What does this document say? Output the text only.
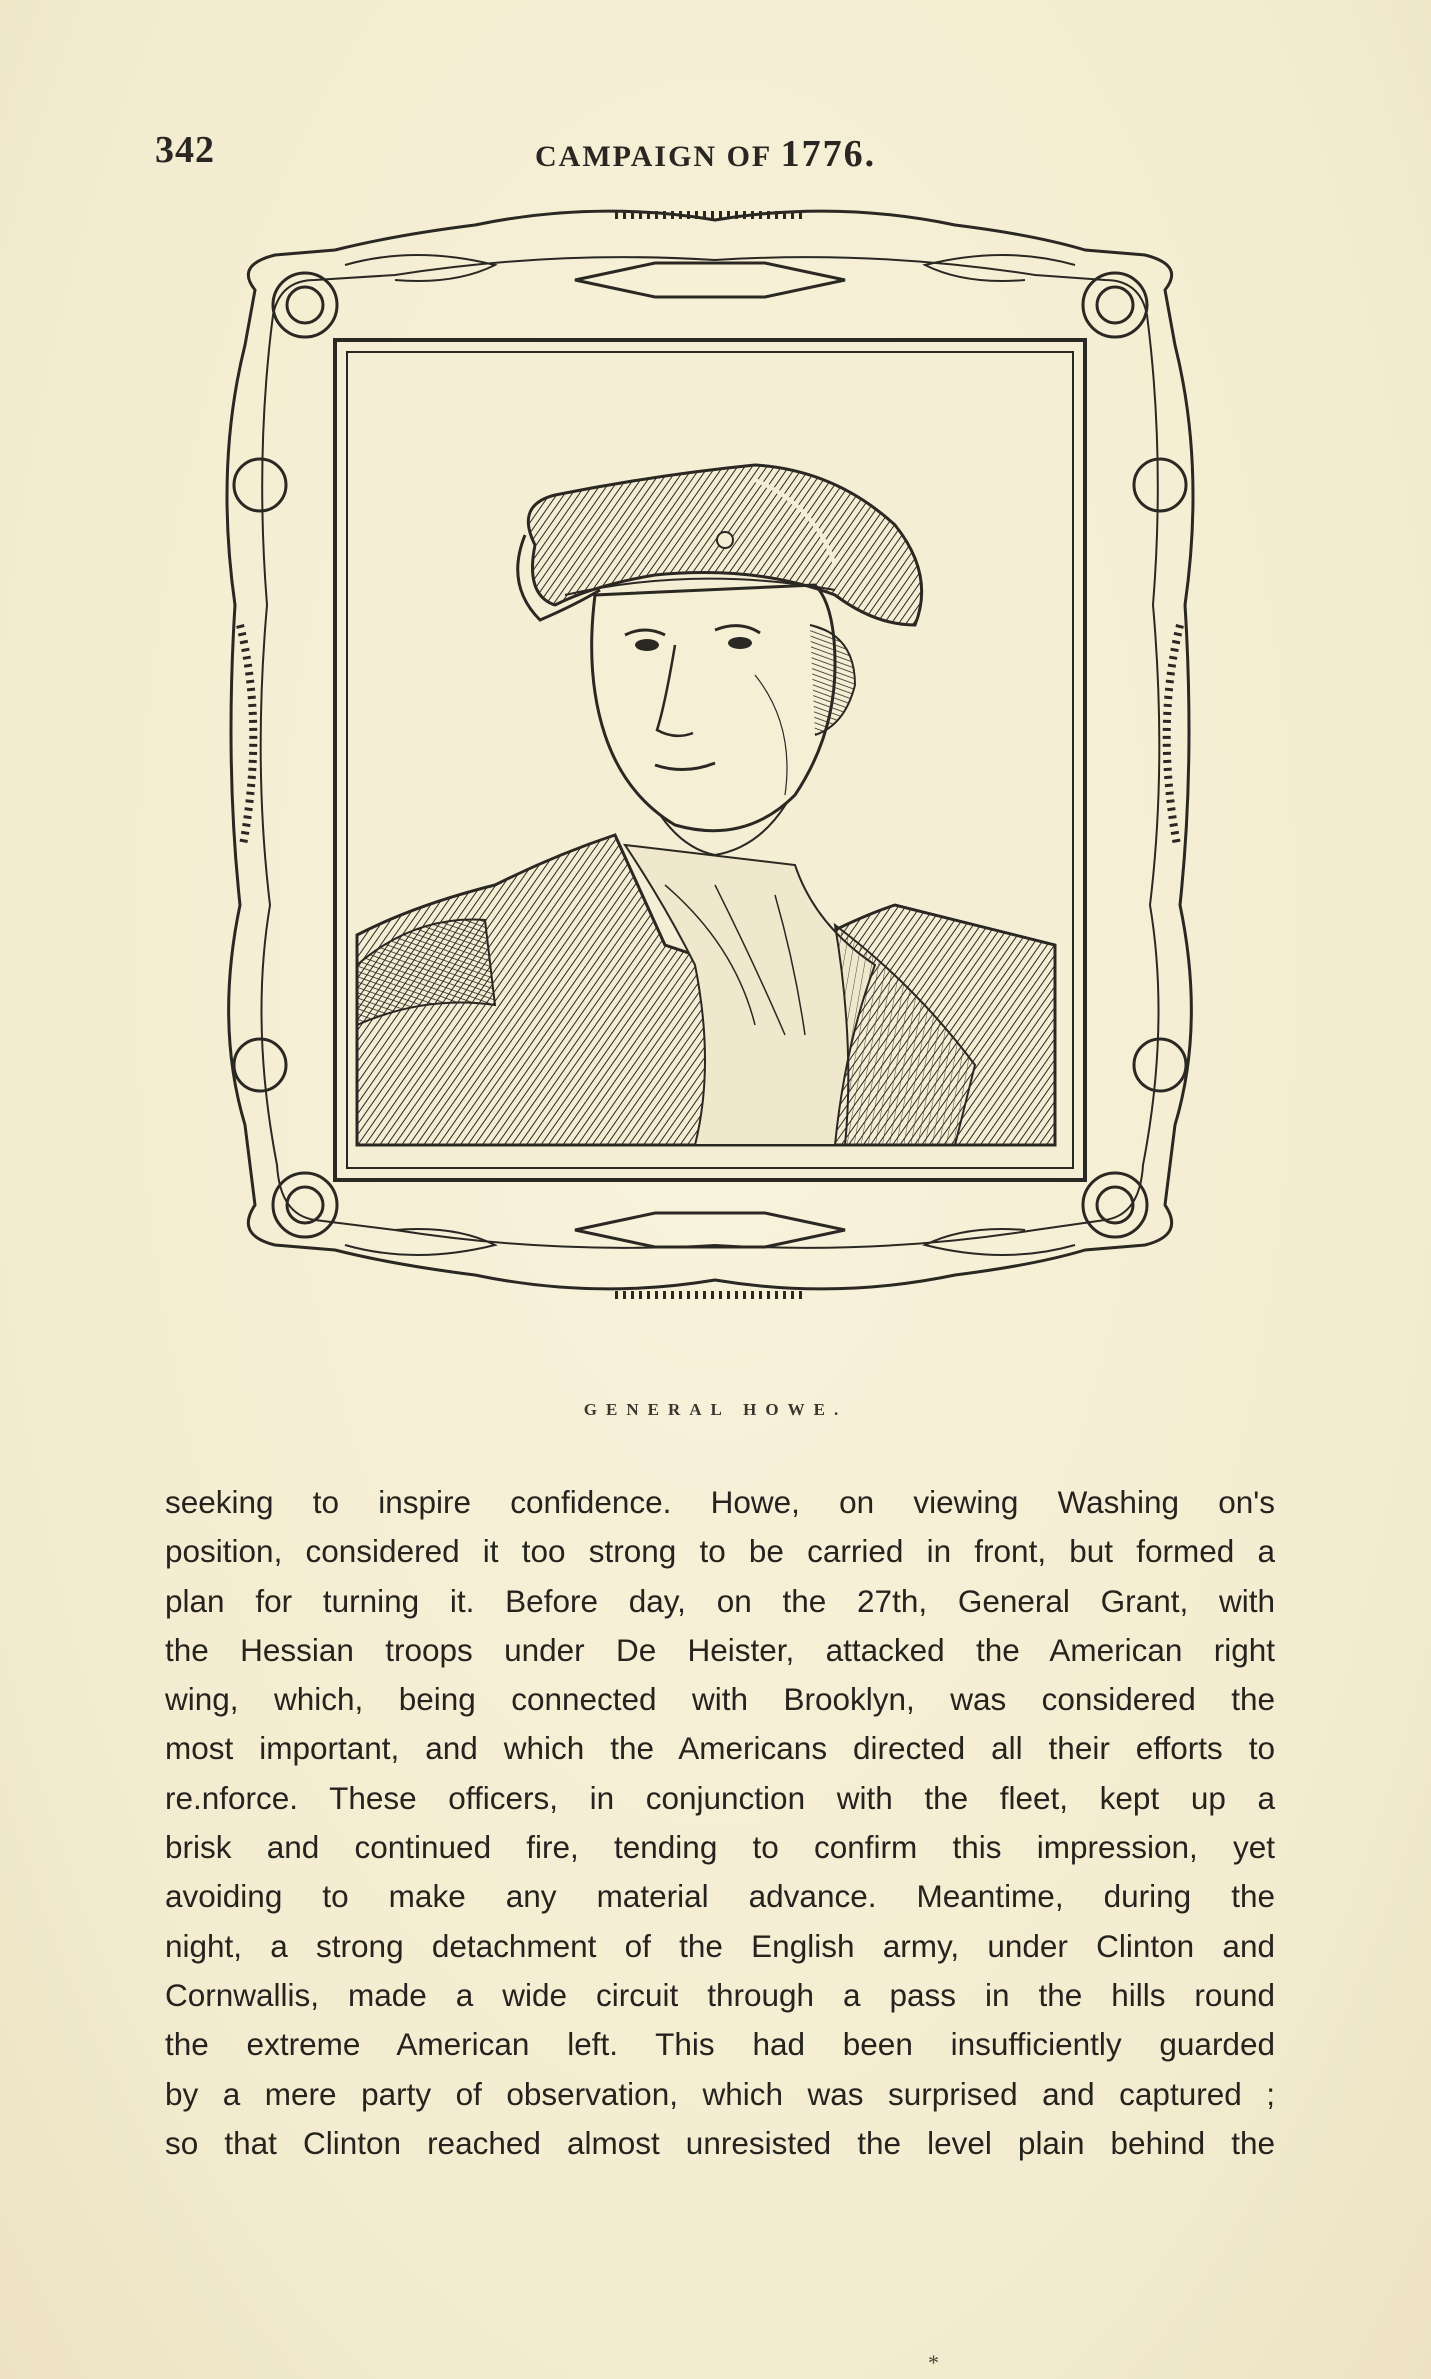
342	CAMPAIGN OF 1776.
GENERAL HOWE.
seeking to inspire confidence. Howe, on viewing Washing on's
position, considered it too strong to be carried in front, but formed a
plan for turning it. Before day, on the 27th, General Grant, with
the Hessian troops under De Heister, attacked the American right
wing, which, being connected with Brooklyn, was considered the
most important, and which the Americans directed all their efforts to
re.nforce. These officers, in conjunction with the fleet, kept up a
brisk and continued fire, tending to confirm this impression, yet
avoiding to make any material advance. Meantime, during the
night, a strong detachment of the English army, under Clinton and
Cornwallis, made a wide circuit through a pass in the hills round
the extreme American left. This had been insufficiently guarded
by a mere party of observation, which was surprised and captured ;
so that Clinton reached almost unresisted the level plain behind the
*
